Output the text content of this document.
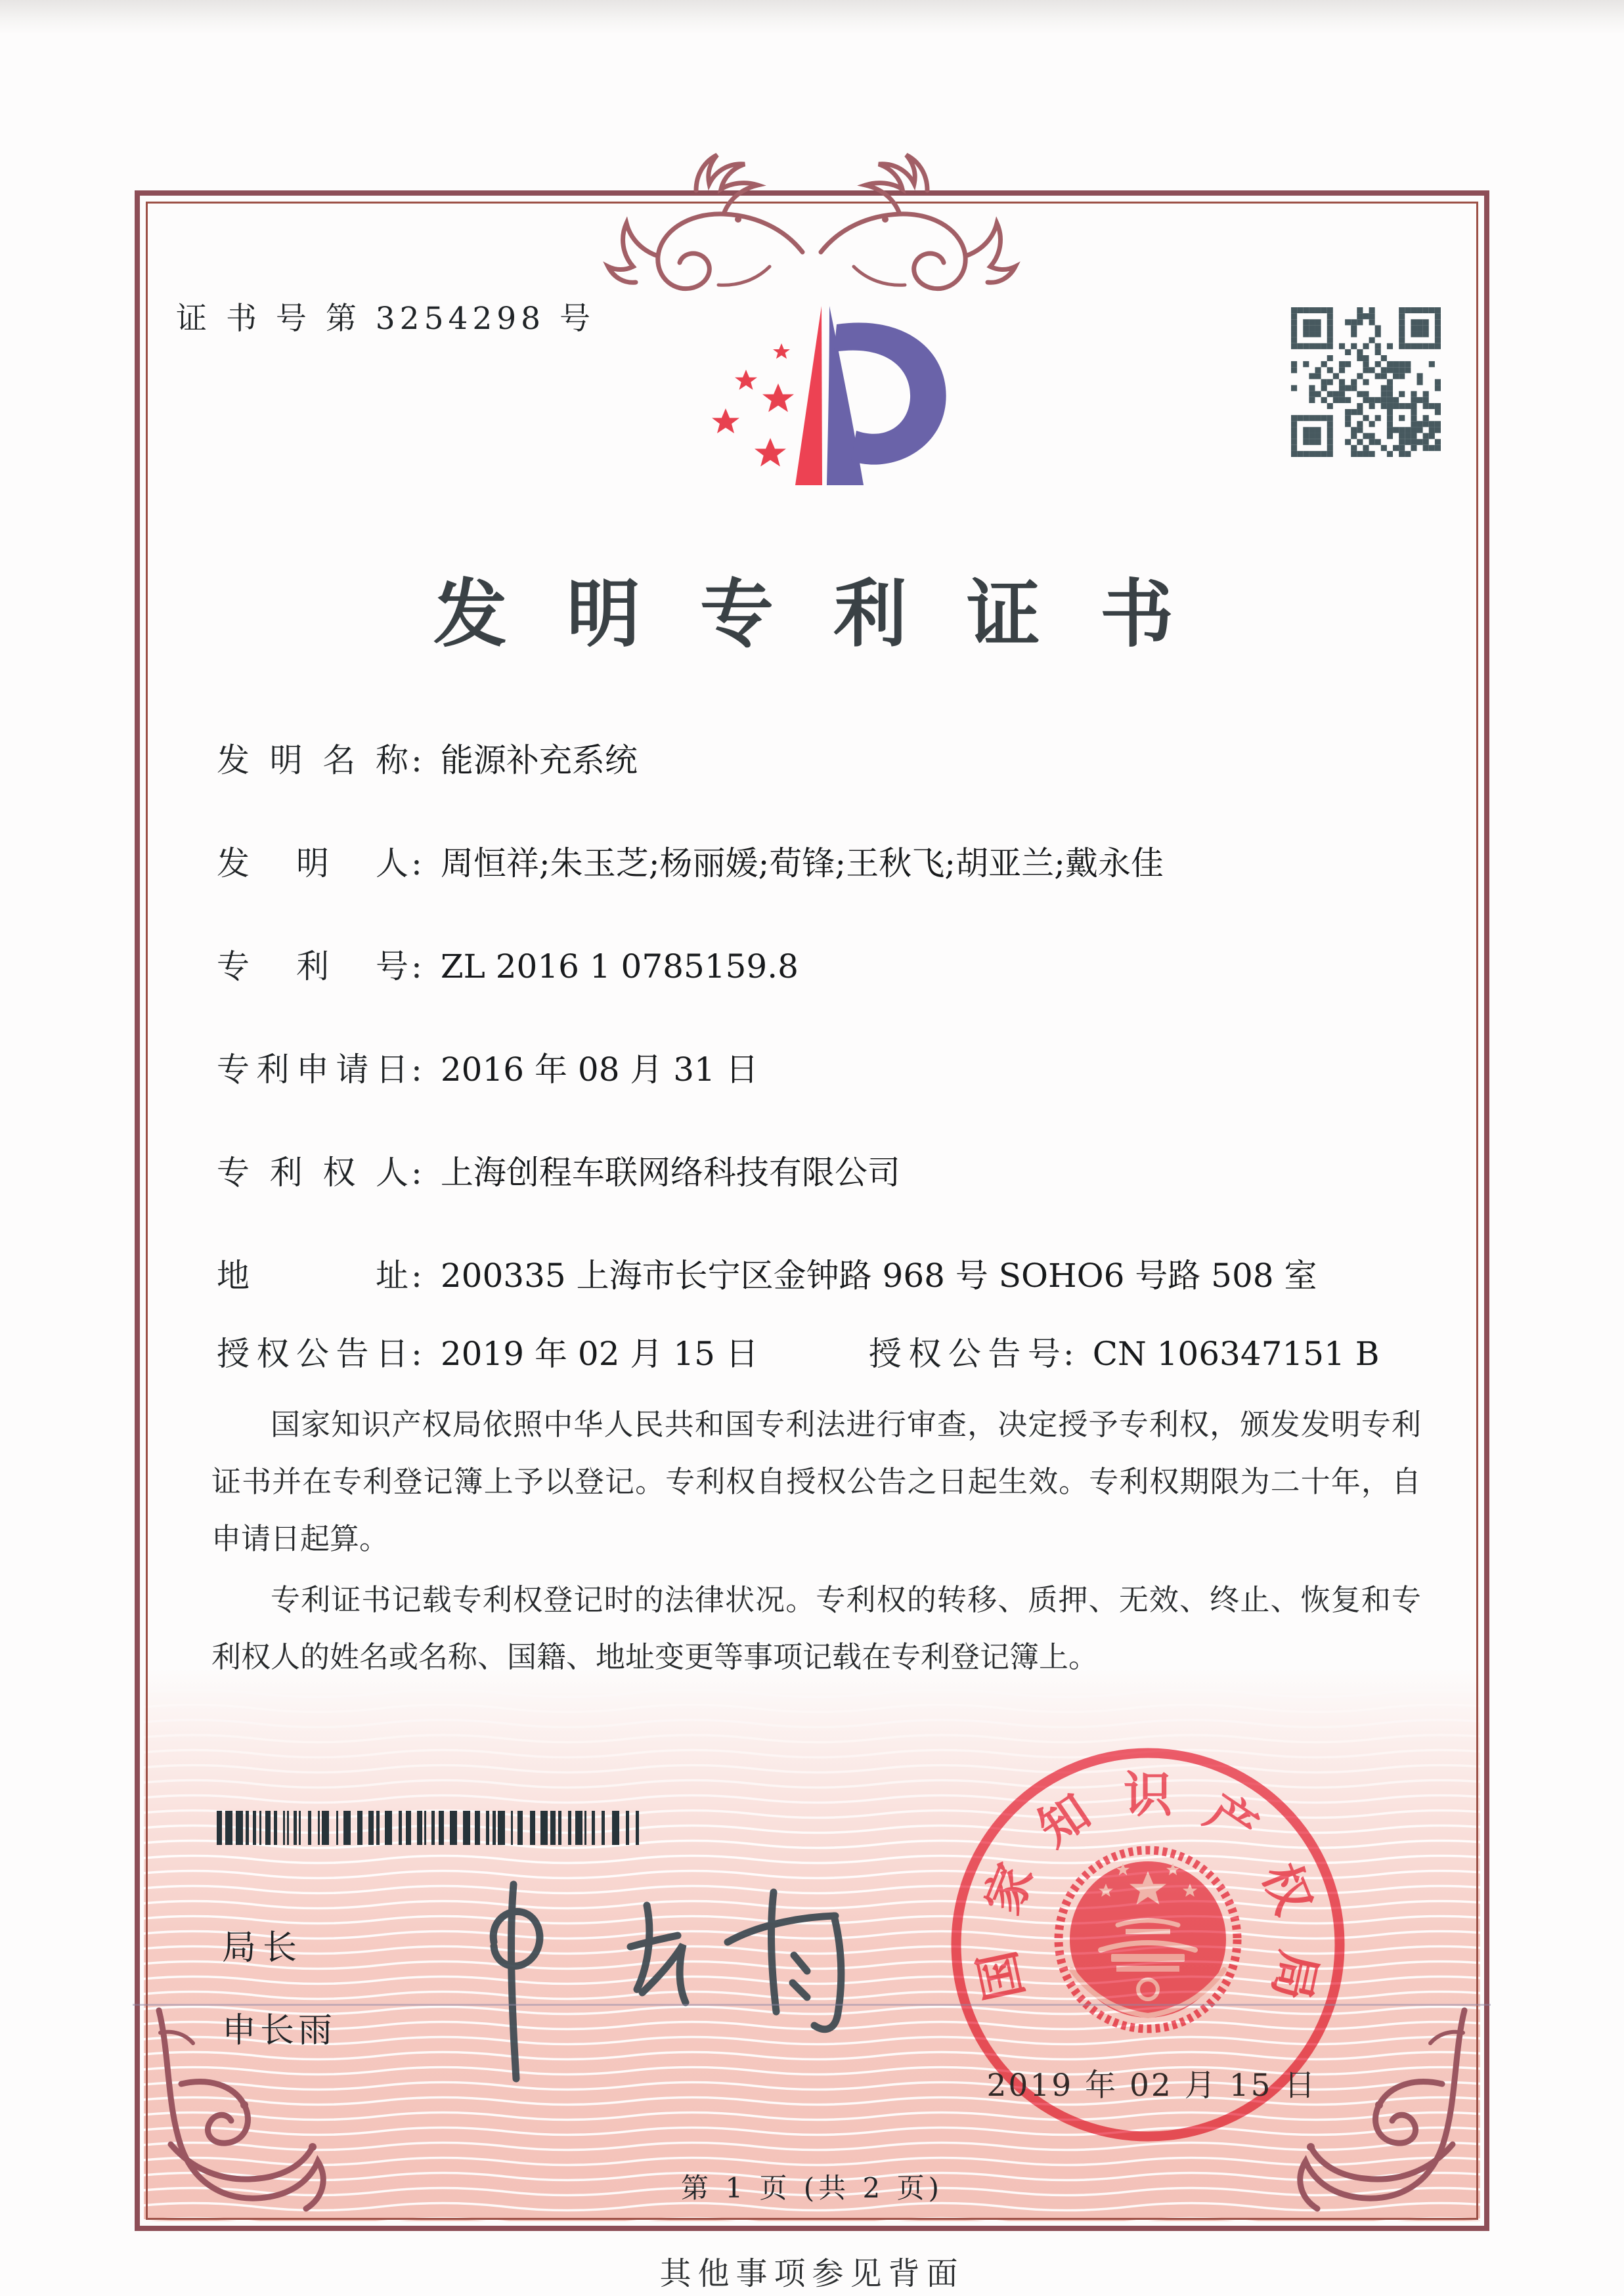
证 书 号 第 3254298 号
发 明 专 利 证 书
发明名称: 能源补充系统
发明人: 周恒祥;朱玉芝;杨丽媛;荀锋;王秋飞;胡亚兰;戴永佳
专利号: ZL 2016 1 0785159.8
专利申请日: 2016 年 08 月 31 日
专利权人: 上海创程车联网络科技有限公司
地址: 200335 上海市长宁区金钟路 968 号 SOHO6 号路 508 室
授权公告日: 2019 年 02 月 15 日	授权公告号: CN 106347151 B

国家知识产权局依照中华人民共和国专利法进行审查，决定授予专利权，颁发发明专利证书并在专利登记簿上予以登记。专利权自授权公告之日起生效。专利权期限为二十年，自申请日起算。

专利证书记载专利权登记时的法律状况。专利权的转移、质押、无效、终止、恢复和专利权人的姓名或名称、国籍、地址变更等事项记载在专利登记簿上。

局长
申长雨
国
家
知 识 产
权
局
2019 年 02 月 15 日
第 1 页 (共 2 页)
其他事项参见背面
